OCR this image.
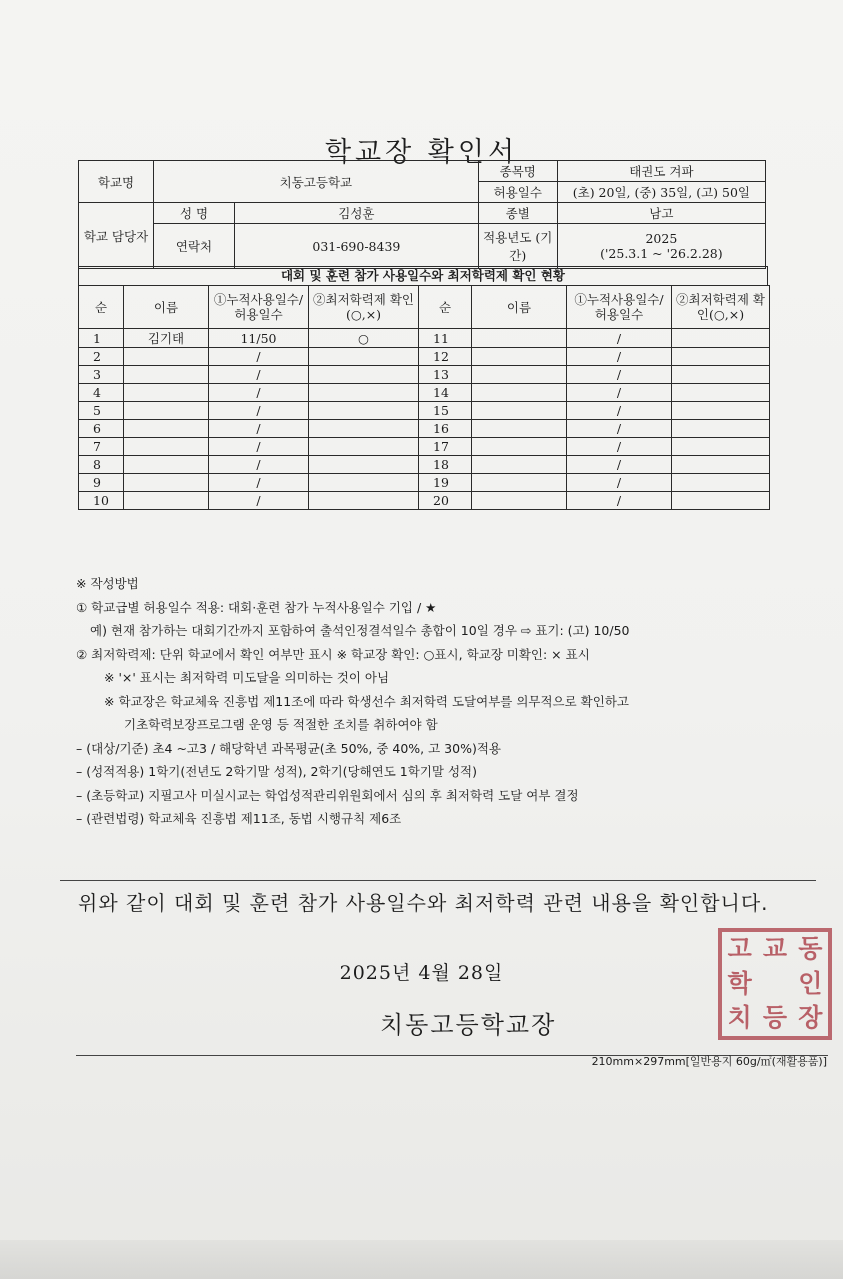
학교장 확인서
학교명	치동고등학교		종목명	태권도 겨파
			허용일수	(초) 20일, (중) 35일, (고) 50일
학교 담당자	성 명	김성훈	종별	남고
	연락처	031-690-8439	적용년도 (기간)	2025
('25.3.1 ~ '26.2.28)
대회 및 훈련 참가 사용일수와 최저학력제 확인 현황
순	이름	①누적사용일수/ 허용일수	②최저학력제 확인(○,×)	순	이름	①누적사용일수/ 허용일수	②최저학력제 확인(○,×)
1	김기태	11/50	○	11		/	
2		/		12		/	
3		/		13		/	
4		/		14		/	
5		/		15		/	
6		/		16		/	
7		/		17		/	
8		/		18		/	
9		/		19		/	
10		/		20		/	
※ 작성방법
① 학교급별 허용일수 적용: 대회·훈련 참가 누적사용일수 기입 / ★
예) 현재 참가하는 대회기간까지 포함하여 출석인정결석일수 총합이 10일 경우 ⇨ 표기: (고) 10/50
② 최저학력제: 단위 학교에서 확인 여부만 표시 ※ 학교장 확인: ○표시, 학교장 미확인: × 표시
※ '×' 표시는 최저학력 미도달을 의미하는 것이 아님
※ 학교장은 학교체육 진흥법 제11조에 따라 학생선수 최저학력 도달여부를 의무적으로 확인하고
기초학력보장프로그램 운영 등 적절한 조치를 취하여야 함
– (대상/기준) 초4 ~고3 / 해당학년 과목평균(초 50%, 중 40%, 고 30%)적용
– (성적적용) 1학기(전년도 2학기말 성적), 2학기(당해연도 1학기말 성적)
– (초등학교) 지필고사 미실시교는 학업성적관리위원회에서 심의 후 최저학력 도달 여부 결정
– (관련법령) 학교체육 진흥법 제11조, 동법 시행규칙 제6조
위와 같이 대회 및 훈련 참가 사용일수와 최저학력 관련 내용을 확인합니다.
2025년 4월 28일
치동고등학교장
고 교 동
학 인
치 등 장
210mm×297mm[일반용지 60g/㎡(재활용품)]
